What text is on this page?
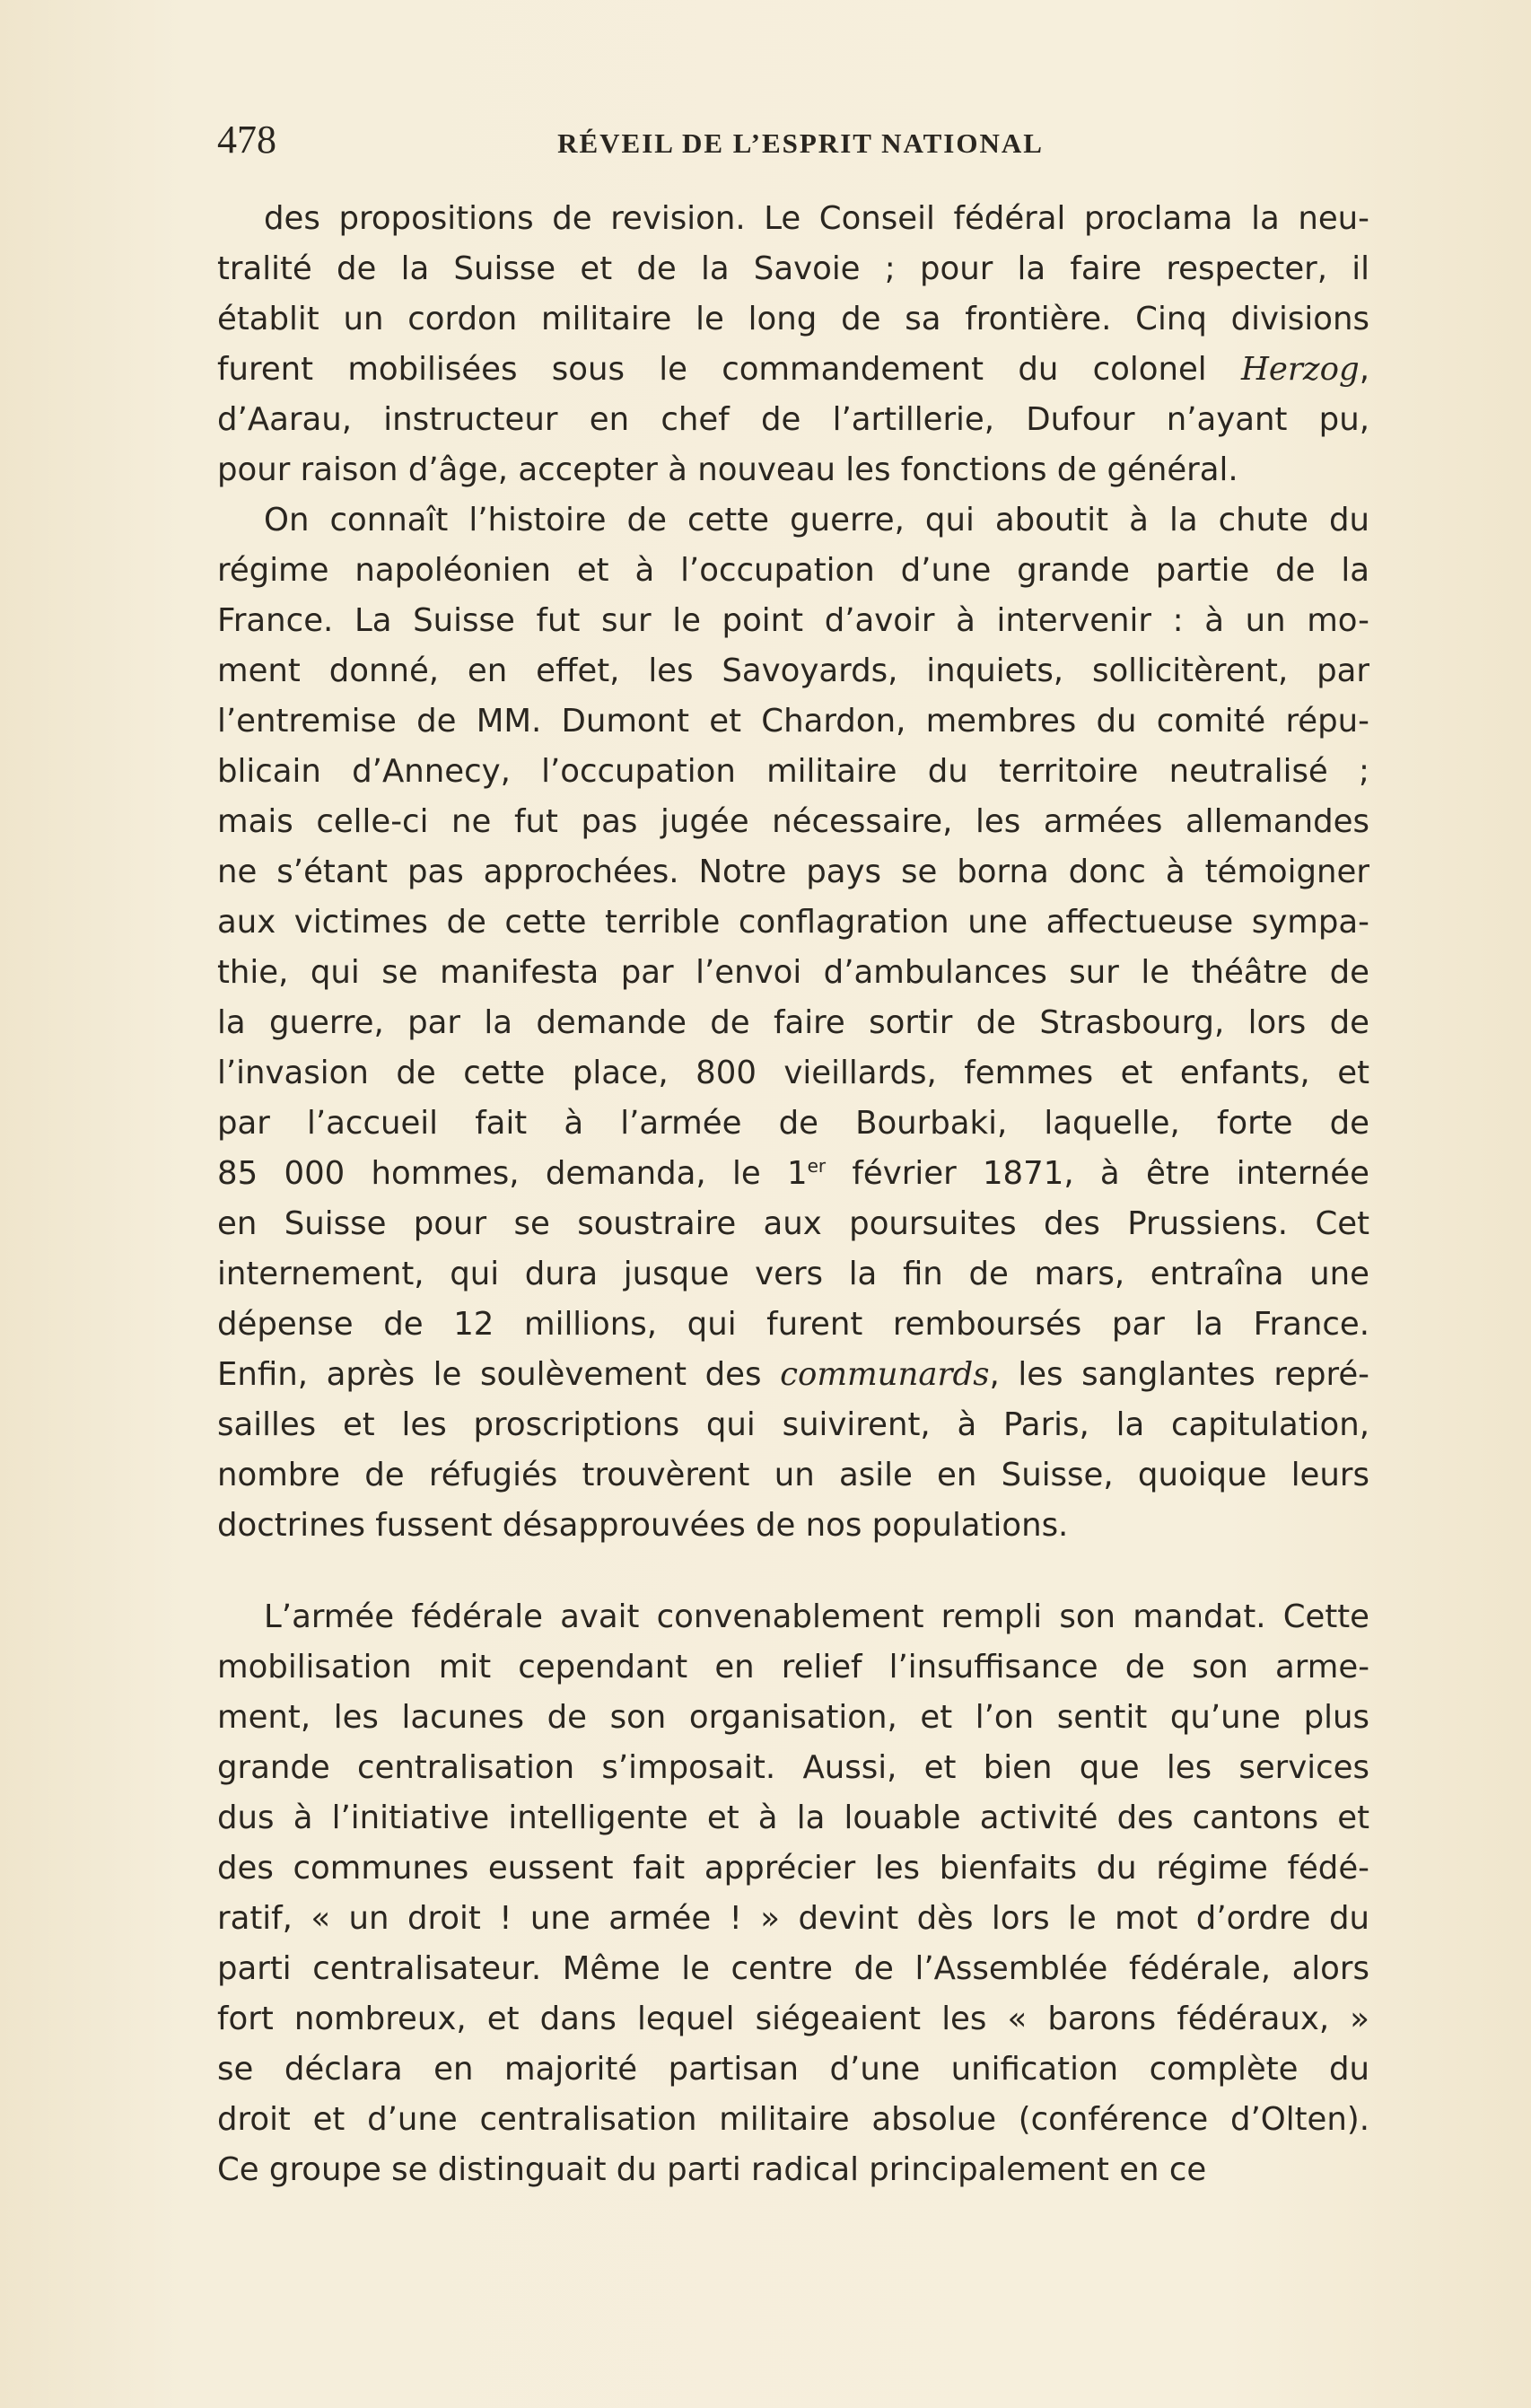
478	RÉVEIL DE L’ESPRIT NATIONAL
des propositions de revision. Le Conseil fédéral proclama la neu-
tralité de la Suisse et de la Savoie ; pour la faire respecter, il
établit un cordon militaire le long de sa frontière. Cinq divisions
furent mobilisées sous le commandement du colonel Herzog,
d’Aarau, instructeur en chef de l’artillerie, Dufour n’ayant pu,
pour raison d’âge, accepter à nouveau les fonctions de général.
On connaît l’histoire de cette guerre, qui aboutit à la chute du
régime napoléonien et à l’occupation d’une grande partie de la
France. La Suisse fut sur le point d’avoir à intervenir : à un mo-
ment donné, en effet, les Savoyards, inquiets, sollicitèrent, par
l’entremise de MM. Dumont et Chardon, membres du comité répu-
blicain d’Annecy, l’occupation militaire du territoire neutralisé ;
mais celle-ci ne fut pas jugée nécessaire, les armées allemandes
ne s’étant pas approchées. Notre pays se borna donc à témoigner
aux victimes de cette terrible conflagration une affectueuse sympa-
thie, qui se manifesta par l’envoi d’ambulances sur le théâtre de
la guerre, par la demande de faire sortir de Strasbourg, lors de
l’invasion de cette place, 800 vieillards, femmes et enfants, et
par l’accueil fait à l’armée de Bourbaki, laquelle, forte de
85 000 hommes, demanda, le 1er février 1871, à être internée
en Suisse pour se soustraire aux poursuites des Prussiens. Cet
internement, qui dura jusque vers la fin de mars, entraîna une
dépense de 12 millions, qui furent remboursés par la France.
Enfin, après le soulèvement des communards, les sanglantes repré-
sailles et les proscriptions qui suivirent, à Paris, la capitulation,
nombre de réfugiés trouvèrent un asile en Suisse, quoique leurs
doctrines fussent désapprouvées de nos populations.
L’armée fédérale avait convenablement rempli son mandat. Cette
mobilisation mit cependant en relief l’insuffisance de son arme-
ment, les lacunes de son organisation, et l’on sentit qu’une plus
grande centralisation s’imposait. Aussi, et bien que les services
dus à l’initiative intelligente et à la louable activité des cantons et
des communes eussent fait apprécier les bienfaits du régime fédé-
ratif, « un droit ! une armée ! » devint dès lors le mot d’ordre du
parti centralisateur. Même le centre de l’Assemblée fédérale, alors
fort nombreux, et dans lequel siégeaient les « barons fédéraux, »
se déclara en majorité partisan d’une unification complète du
droit et d’une centralisation militaire absolue (conférence d’Olten).
Ce groupe se distinguait du parti radical principalement en ce
